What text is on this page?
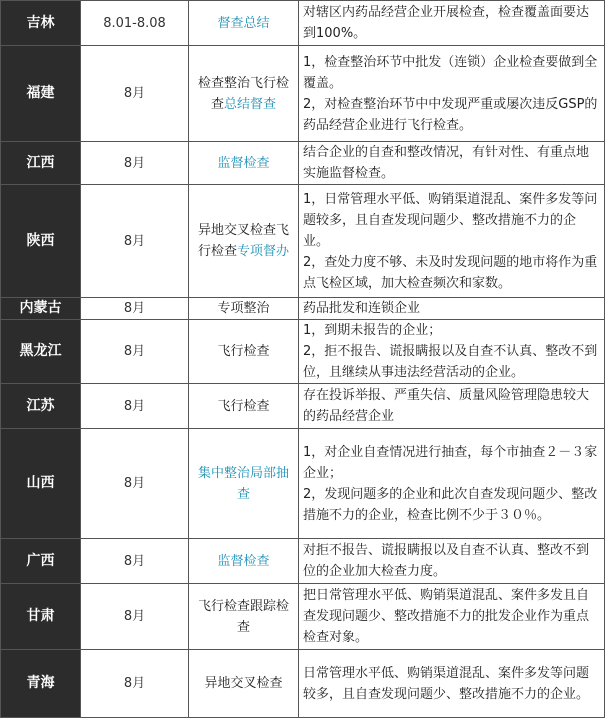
吉林	8.01-8.08	督查总结	对辖区内药品经营企业开展检查，检查覆盖面要达到100%。

福建	8月	检查整治飞行检查总结督查	1，检查整治环节中批发（连锁）企业检查要做到全覆盖。
2，对检查整治环节中中发现严重或屡次违反GSP的药品经营企业进行飞行检查。

江西	8月	监督检查	结合企业的自查和整改情况，有针对性、有重点地实施监督检查。

陕西	8月	异地交叉检查飞行检查专项督办	1，日常管理水平低、购销渠道混乱、案件多发等问题较多，且自查发现问题少、整改措施不力的企业。
2，查处力度不够、未及时发现问题的地市将作为重点飞检区域，加大检查频次和家数。

内蒙古	8月	专项整治	药品批发和连锁企业

黑龙江	8月	飞行检查	1，到期未报告的企业；
2，拒不报告、谎报瞒报以及自查不认真、整改不到位，且继续从事违法经营活动的企业。

江苏	8月	飞行检查	存在投诉举报、严重失信、质量风险管理隐患较大的药品经营企业

山西	8月	集中整治局部抽查	1，对企业自查情况进行抽查，每个市抽查２－３家企业；
2，发现问题多的企业和此次自查发现问题少、整改措施不力的企业，检查比例不少于３０％。

广西	8月	监督检查	对拒不报告、谎报瞒报以及自查不认真、整改不到位的企业加大检查力度。

甘肃	8月	飞行检查跟踪检查	把日常管理水平低、购销渠道混乱、案件多发且自查发现问题少、整改措施不力的批发企业作为重点检查对象。

青海	8月	异地交叉检查	日常管理水平低、购销渠道混乱、案件多发等问题较多，且自查发现问题少、整改措施不力的企业。
